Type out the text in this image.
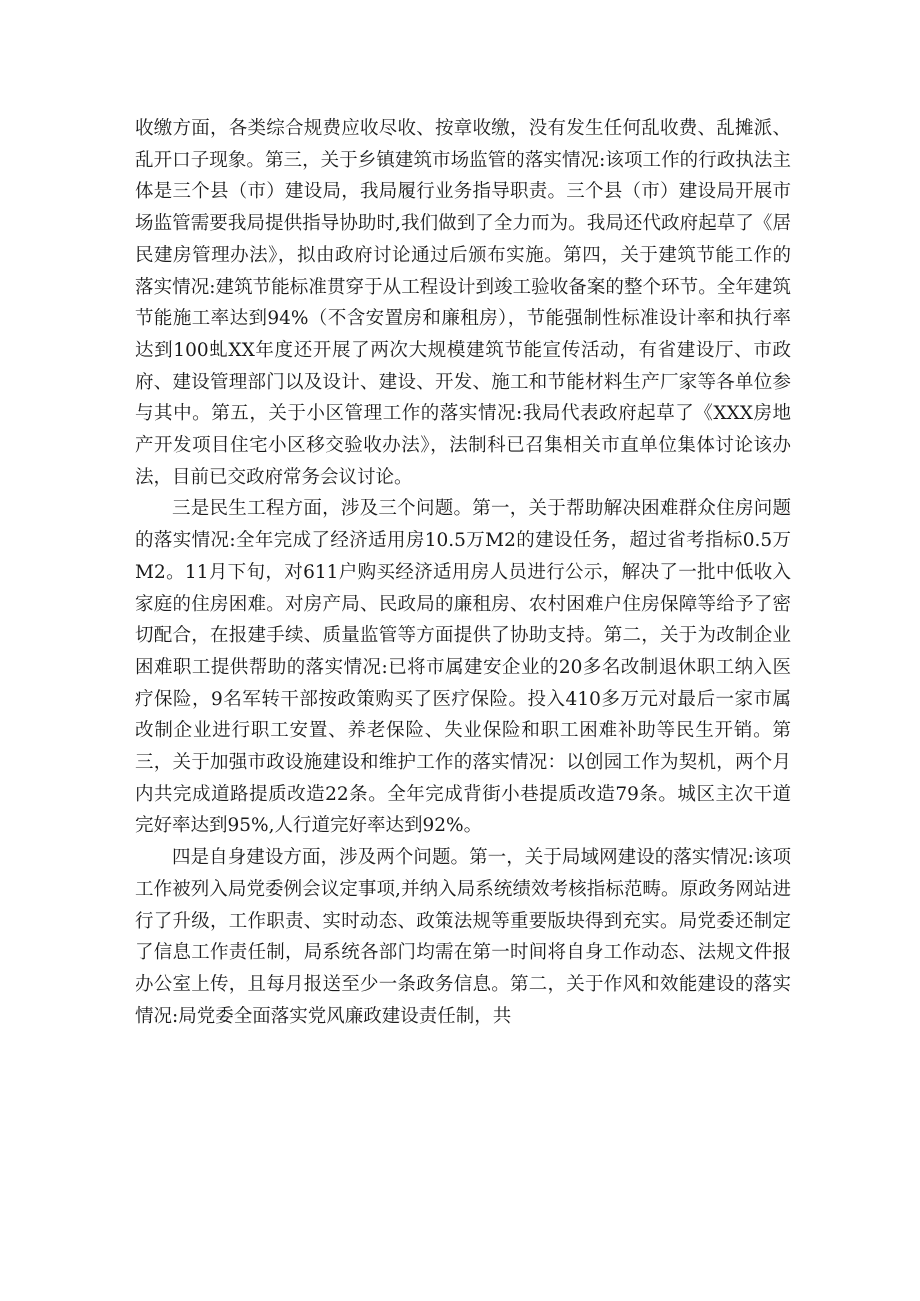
收缴方面，各类综合规费应收尽收、按章收缴，没有发生任何乱收费、乱摊派、乱开口子现象。第三，关于乡镇建筑市场监管的落实情况:该项工作的行政执法主体是三个县（市）建设局，我局履行业务指导职责。三个县（市）建设局开展市场监管需要我局提供指导协助时,我们做到了全力而为。我局还代政府起草了《居民建房管理办法》，拟由政府讨论通过后颁布实施。第四，关于建筑节能工作的落实情况:建筑节能标准贯穿于从工程设计到竣工验收备案的整个环节。全年建筑节能施工率达到94%（不含安置房和廉租房），节能强制性标准设计率和执行率达到100虬XX年度还开展了两次大规模建筑节能宣传活动，有省建设厅、市政府、建设管理部门以及设计、建设、开发、施工和节能材料生产厂家等各单位参与其中。第五，关于小区管理工作的落实情况:我局代表政府起草了《XXX房地产开发项目住宅小区移交验收办法》，法制科已召集相关市直单位集体讨论该办法，目前已交政府常务会议讨论。

三是民生工程方面，涉及三个问题。第一，关于帮助解决困难群众住房问题的落实情况:全年完成了经济适用房10.5万M2的建设任务，超过省考指标0.5万M2。11月下旬，对611户购买经济适用房人员进行公示，解决了一批中低收入家庭的住房困难。对房产局、民政局的廉租房、农村困难户住房保障等给予了密切配合，在报建手续、质量监管等方面提供了协助支持。第二，关于为改制企业困难职工提供帮助的落实情况:已将市属建安企业的20多名改制退休职工纳入医疗保险，9名军转干部按政策购买了医疗保险。投入410多万元对最后一家市属改制企业进行职工安置、养老保险、失业保险和职工困难补助等民生开销。第三，关于加强市政设施建设和维护工作的落实情况：以创园工作为契机，两个月内共完成道路提质改造22条。全年完成背街小巷提质改造79条。城区主次干道完好率达到95%,人行道完好率达到92%。

四是自身建设方面，涉及两个问题。第一，关于局域网建设的落实情况:该项工作被列入局党委例会议定事项,并纳入局系统绩效考核指标范畴。原政务网站进行了升级，工作职责、实时动态、政策法规等重要版块得到充实。局党委还制定了信息工作责任制，局系统各部门均需在第一时间将自身工作动态、法规文件报办公室上传，且每月报送至少一条政务信息。第二，关于作风和效能建设的落实情况:局党委全面落实党风廉政建设责任制，共
